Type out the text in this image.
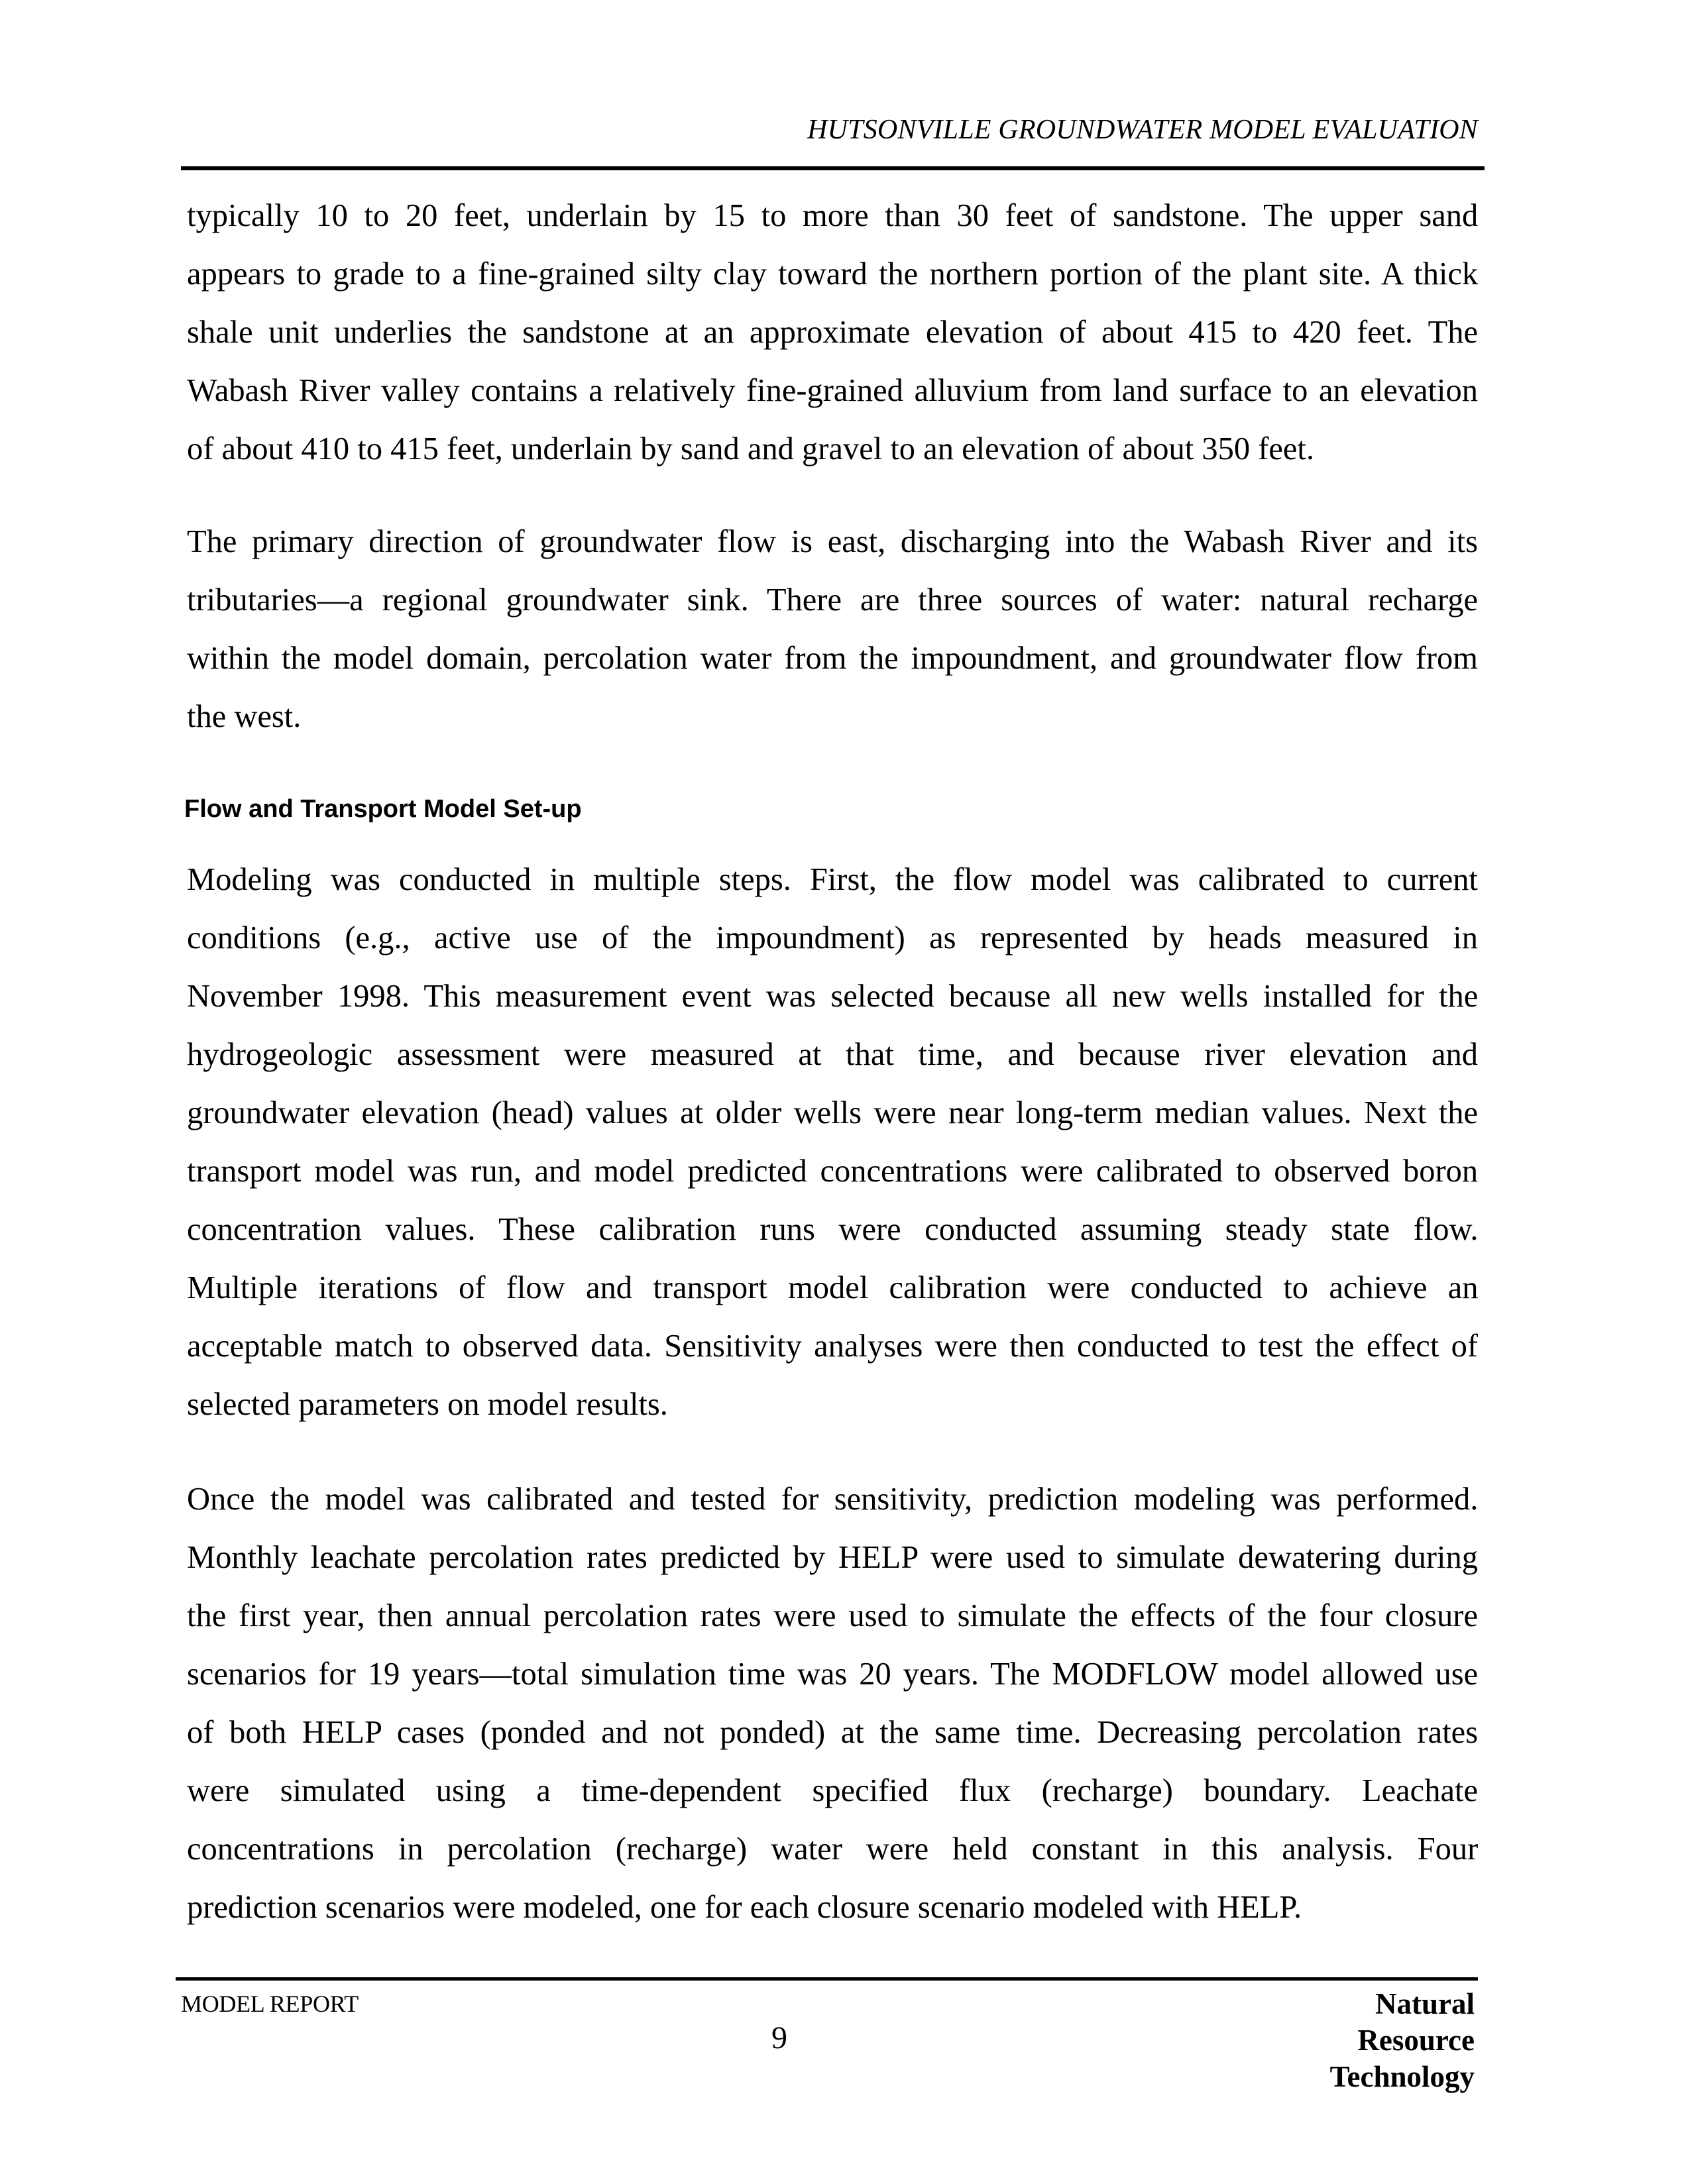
HUTSONVILLE GROUNDWATER MODEL EVALUATION

typically 10 to 20 feet, underlain by 15 to more than 30 feet of sandstone. The upper sand
appears to grade to a fine-grained silty clay toward the northern portion of the plant site. A thick
shale unit underlies the sandstone at an approximate elevation of about 415 to 420 feet. The
Wabash River valley contains a relatively fine-grained alluvium from land surface to an elevation
of about 410 to 415 feet, underlain by sand and gravel to an elevation of about 350 feet.

The primary direction of groundwater flow is east, discharging into the Wabash River and its
tributaries—a regional groundwater sink. There are three sources of water: natural recharge
within the model domain, percolation water from the impoundment, and groundwater flow from
the west.

Flow and Transport Model Set-up

Modeling was conducted in multiple steps. First, the flow model was calibrated to current
conditions (e.g., active use of the impoundment) as represented by heads measured in
November 1998. This measurement event was selected because all new wells installed for the
hydrogeologic assessment were measured at that time, and because river elevation and
groundwater elevation (head) values at older wells were near long-term median values. Next the
transport model was run, and model predicted concentrations were calibrated to observed boron
concentration values. These calibration runs were conducted assuming steady state flow.
Multiple iterations of flow and transport model calibration were conducted to achieve an
acceptable match to observed data. Sensitivity analyses were then conducted to test the effect of
selected parameters on model results.

Once the model was calibrated and tested for sensitivity, prediction modeling was performed.
Monthly leachate percolation rates predicted by HELP were used to simulate dewatering during
the first year, then annual percolation rates were used to simulate the effects of the four closure
scenarios for 19 years—total simulation time was 20 years. The MODFLOW model allowed use
of both HELP cases (ponded and not ponded) at the same time. Decreasing percolation rates
were simulated using a time-dependent specified flux (recharge) boundary. Leachate
concentrations in percolation (recharge) water were held constant in this analysis. Four
prediction scenarios were modeled, one for each closure scenario modeled with HELP.

MODEL REPORT
9
Natural
Resource
Technology
